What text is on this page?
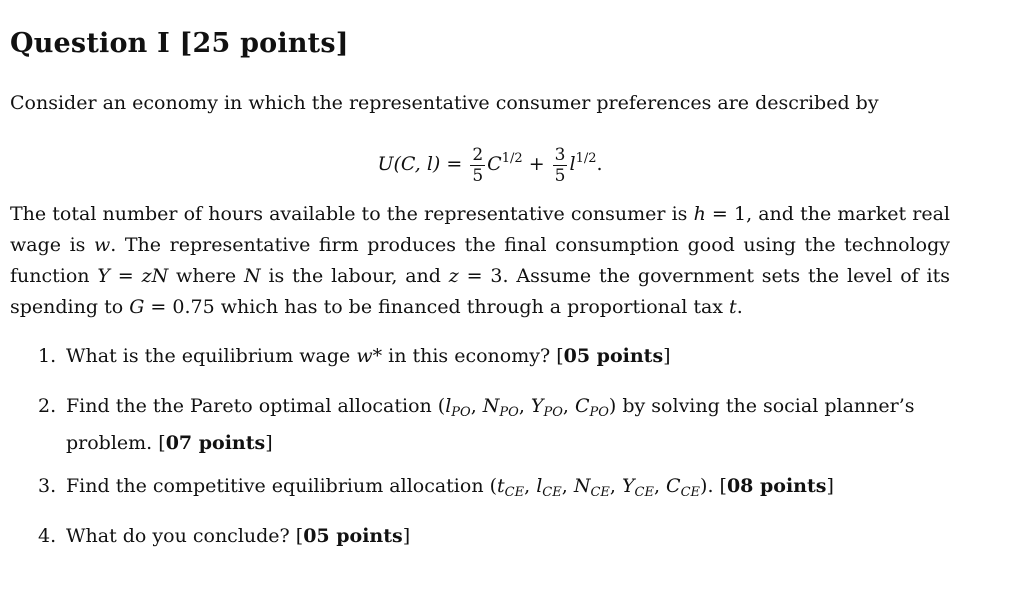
Question I [25 points]
Consider an economy in which the representative consumer preferences are described by
U(C, $l) = \frac{2}{5} C^{1/2} + \frac{3}{5} l^{1/2}$.
The total number of hours available to the representative consumer is h = 1, and the market real wage is w. The representative firm produces the final consumption good using the technology function Y = zN where N is the labour, and z = 3. Assume the government sets the level of its spending to G = 0.75 which has to be financed through a proportional tax t.
1. What is the equilibrium wage w* in this economy? [05 points]
2. Find the the Pareto optimal allocation ($l_{PO}$, $N_{PO}$, $Y_{PO}$, $C_{PO}$) by solving the social planner’s problem. [07 points]
3. Find the competitive equilibrium allocation ($t_{CE}$, $l_{CE}$, $N_{CE}$, $Y_{CE}$, $C_{CE}$). [08 points]
4. What do you conclude? [05 points]
